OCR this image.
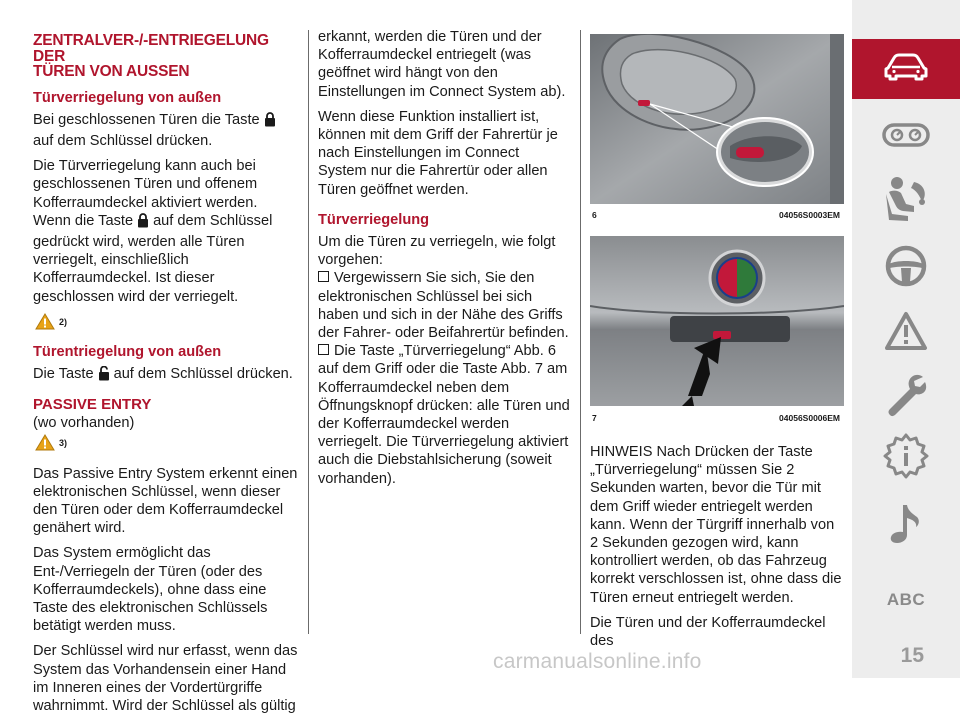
ZENTRALVER-/-ENTRIEGELUNG DER
TÜREN VON AUSSEN
Türverriegelung von außen

Bei geschlossenen Türen die Tasteauf dem Schlüssel drücken.

Die Türverriegelung kann auch bei geschlossenen Türen und offenem Kofferraumdeckel aktiviert werden. Wenn die Taste auf dem Schlüssel gedrückt wird, werden alle Türen verriegelt, einschließlich Kofferraumdeckel. Ist dieser geschlossen wird der verriegelt.

2)
Türentriegelung von außen

Die Taste auf dem Schlüssel drücken.

PASSIVE ENTRY
(wo vorhanden)
3)

Das Passive Entry System erkennt einen elektronischen Schlüssel, wenn dieser den Türen oder dem Kofferraumdeckel genähert wird.

Das System ermöglicht das Ent-/Verriegeln der Türen (oder des Kofferraumdeckels), ohne dass eine Taste des elektronischen Schlüssels betätigt werden muss.

Der Schlüssel wird nur erfasst, wenn das System das Vorhandensein einer Hand im Inneren eines der Vordertürgriffe wahrnimmt. Wird der Schlüssel als gültig

erkannt, werden die Türen und der Kofferraumdeckel entriegelt (was geöffnet wird hängt von den Einstellungen im Connect System ab).

Wenn diese Funktion installiert ist, können mit dem Griff der Fahrertür je nach Einstellungen im Connect System nur die Fahrertür oder allen Türen geöffnet werden.

Türverriegelung

Um die Türen zu verriegeln, wie folgt vorgehen:

Vergewissern Sie sich, Sie den elektronischen Schlüssel bei sich haben und sich in der Nähe des Griffs der Fahrer- oder Beifahrertür befinden.

Die Taste „Türverriegelung“ Abb. 6 auf dem Griff oder die Taste Abb. 7 am Kofferraumdeckel neben dem Öffnungsknopf drücken: alle Türen und der Kofferraumdeckel werden verriegelt. Die Türverriegelung aktiviert auch die Diebstahlsicherung (soweit vorhanden).

6	04056S0003EM
7	04056S0006EM

HINWEIS Nach Drücken der Taste „Türverriegelung“ müssen Sie 2 Sekunden warten, bevor die Tür mit dem Griff wieder entriegelt werden kann. Wenn der Türgriff innerhalb von 2 Sekunden gezogen wird, kann kontrolliert werden, ob das Fahrzeug korrekt verschlossen ist, ohne dass die Türen erneut entriegelt werden.

Die Türen und der Kofferraumdeckel des

ABC
15
carmanualsonline.info
